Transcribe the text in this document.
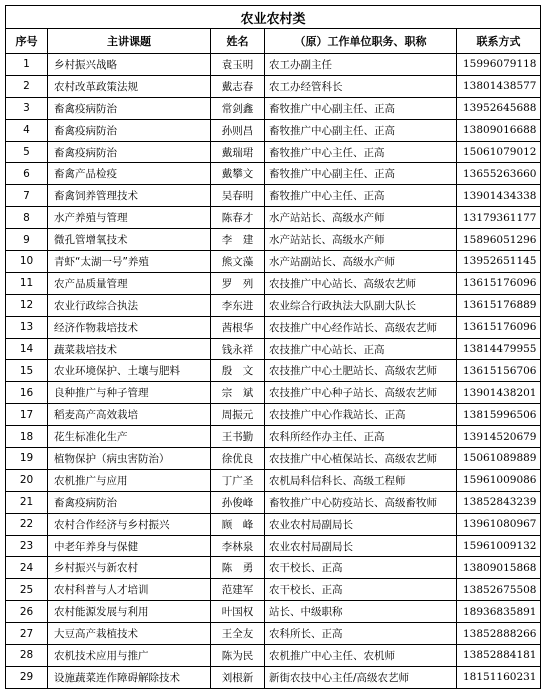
农业农村类				
序号	主讲课题	姓名	（原）工作单位职务、职称	联系方式
1	乡村振兴战略	袁玉明	农工办副主任	15996079118
2	农村改革政策法规	戴志春	农工办经管科长	13801438577
3	畜禽疫病防治	常剑鑫	畜牧推广中心副主任、正高	13952645688
4	畜禽疫病防治	孙则昌	畜牧推广中心副主任、正高	13809016688
5	畜禽疫病防治	戴瑞珺	畜牧推广中心主任、正高	15061079012
6	畜禽产品检疫	戴攀文	畜牧推广中心副主任、正高	13655263660
7	畜禽饲养管理技术	吴春明	畜牧推广中心主任、正高	13901434338
8	水产养殖与管理	陈春才	水产站站长、高级水产师	13179361177
9	微孔管增氧技术	李　建	水产站站长、高级水产师	15896051296
10	青虾“太湖一号”养殖	熊文藻	水产站副站长、高级水产师	13952651145
11	农产品质量管理	罗　列	农技推广中心站长、高级农艺师	13615176096
12	农业行政综合执法	李东进	农业综合行政执法大队副大队长	13615176889
13	经济作物栽培技术	茜根华	农技推广中心经作站长、高级农艺师	13615176096
14	蔬菜栽培技术	钱永祥	农技推广中心站长、正高	13814479955
15	农业环境保护、土壤与肥料	殷　文	农技推广中心土肥站长、高级农艺师	13615156706
16	良种推广与种子管理	宗　斌	农技推广中心种子站长、高级农艺师	13901438201
17	稻麦高产高效栽培	周振元	农技推广中心作栽站长、正高	13815996506
18	花生标准化生产	王书勤	农科所经作办主任、正高	13914520679
19	植物保护（病虫害防治）	徐优良	农技推广中心植保站长、高级农艺师	15061089889
20	农机推广与应用	丁广圣	农机局科信科长、高级工程师	15961009086
21	畜禽疫病防治	孙俊峰	畜牧推广中心防疫站长、高级畜牧师	13852843239
22	农村合作经济与乡村振兴	顾　峰	农业农村局副局长	13961080967
23	中老年养身与保健	李林泉	农业农村局副局长	15961009132
24	乡村振兴与新农村	陈　勇	农干校长、正高	13809015868
25	农村科普与人才培训	范建军	农干校长、正高	13852675508
26	农村能源发展与利用	叶国权	站长、中级职称	18936835891
27	大豆高产栽植技术	王全友	农科所长、正高	13852888266
28	农机技术应用与推广	陈为民	农机推广中心主任、农机师	13852884181
29	设施蔬菜连作障碍解除技术	刘根新	新街农技中心主任/高级农艺师	18151160231
